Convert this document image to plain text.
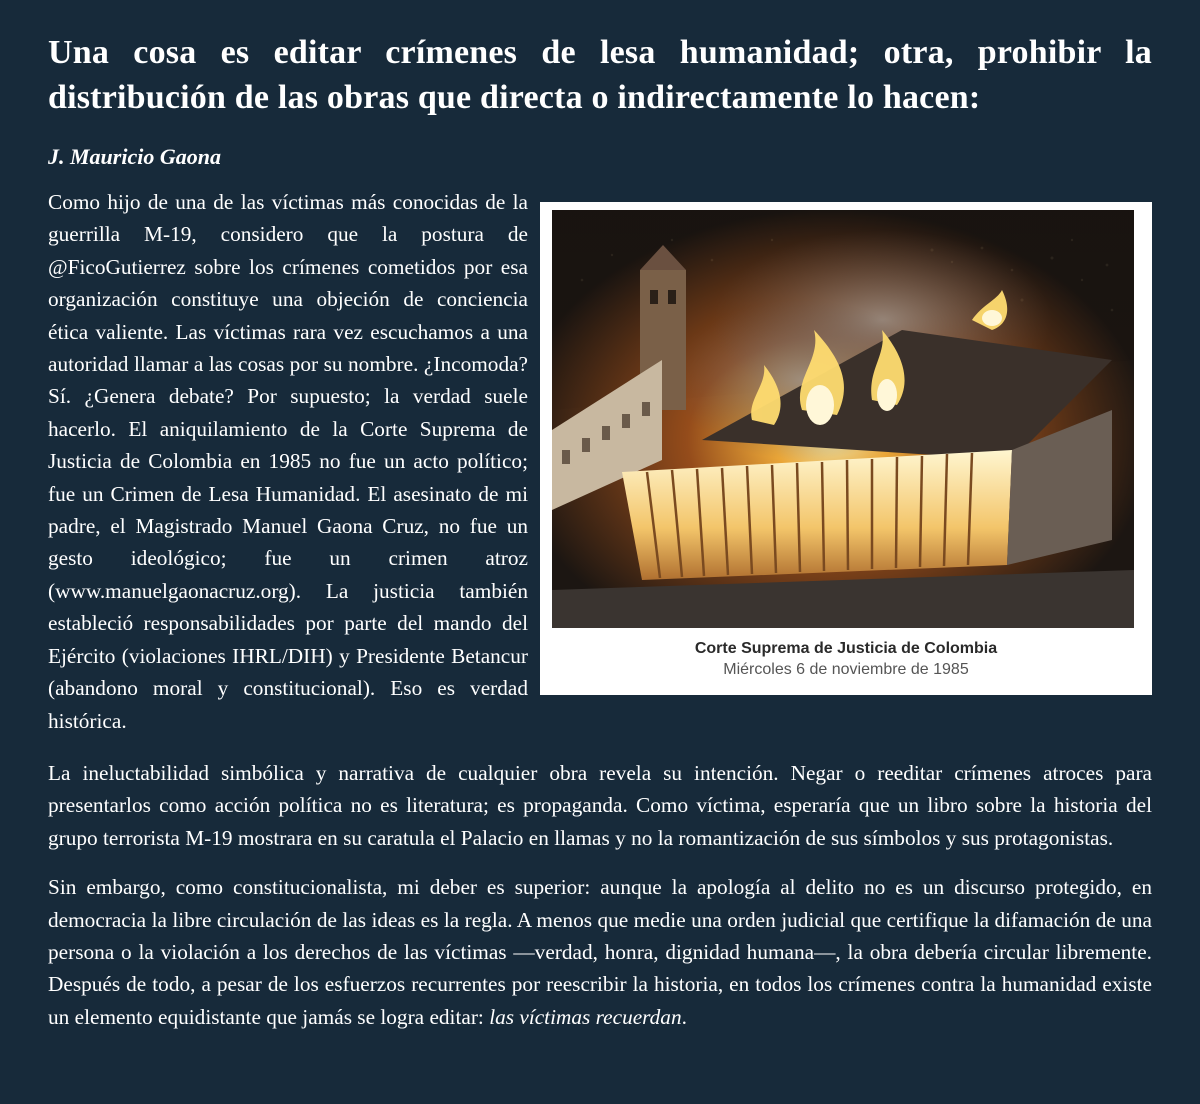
Una cosa es editar crímenes de lesa humanidad; otra, prohibir la distribución de las obras que directa o indirectamente lo hacen:
J. Mauricio Gaona

Como hijo de una de las víctimas más conocidas de la guerrilla M-19, considero que la postura de @FicoGutierrez sobre los crímenes cometidos por esa organización constituye una objeción de conciencia ética valiente. Las víctimas rara vez escuchamos a una autoridad llamar a las cosas por su nombre. ¿Incomoda? Sí. ¿Genera debate? Por supuesto; la verdad suele hacerlo. El aniquilamiento de la Corte Suprema de Justicia de Colombia en 1985 no fue un acto político; fue un Crimen de Lesa Humanidad. El asesinato de mi padre, el Magistrado Manuel Gaona Cruz, no fue un gesto ideológico; fue un crimen atroz (www.manuelgaonacruz.org). La justicia también estableció responsabilidades por parte del mando del Ejército (violaciones IHRL/DIH) y Presidente Betancur (abandono moral y constitucional). Eso es verdad histórica.

Corte Suprema de Justicia de Colombia
Miércoles 6 de noviembre de 1985

La ineluctabilidad simbólica y narrativa de cualquier obra revela su intención. Negar o reeditar crímenes atroces para presentarlos como acción política no es literatura; es propaganda. Como víctima, esperaría que un libro sobre la historia del grupo terrorista M-19 mostrara en su caratula el Palacio en llamas y no la romantización de sus símbolos y sus protagonistas.

Sin embargo, como constitucionalista, mi deber es superior: aunque la apología al delito no es un discurso protegido, en democracia la libre circulación de las ideas es la regla. A menos que medie una orden judicial que certifique la difamación de una persona o la violación a los derechos de las víctimas —verdad, honra, dignidad humana—, la obra debería circular libremente. Después de todo, a pesar de los esfuerzos recurrentes por reescribir la historia, en todos los crímenes contra la humanidad existe un elemento equidistante que jamás se logra editar: las víctimas recuerdan.
